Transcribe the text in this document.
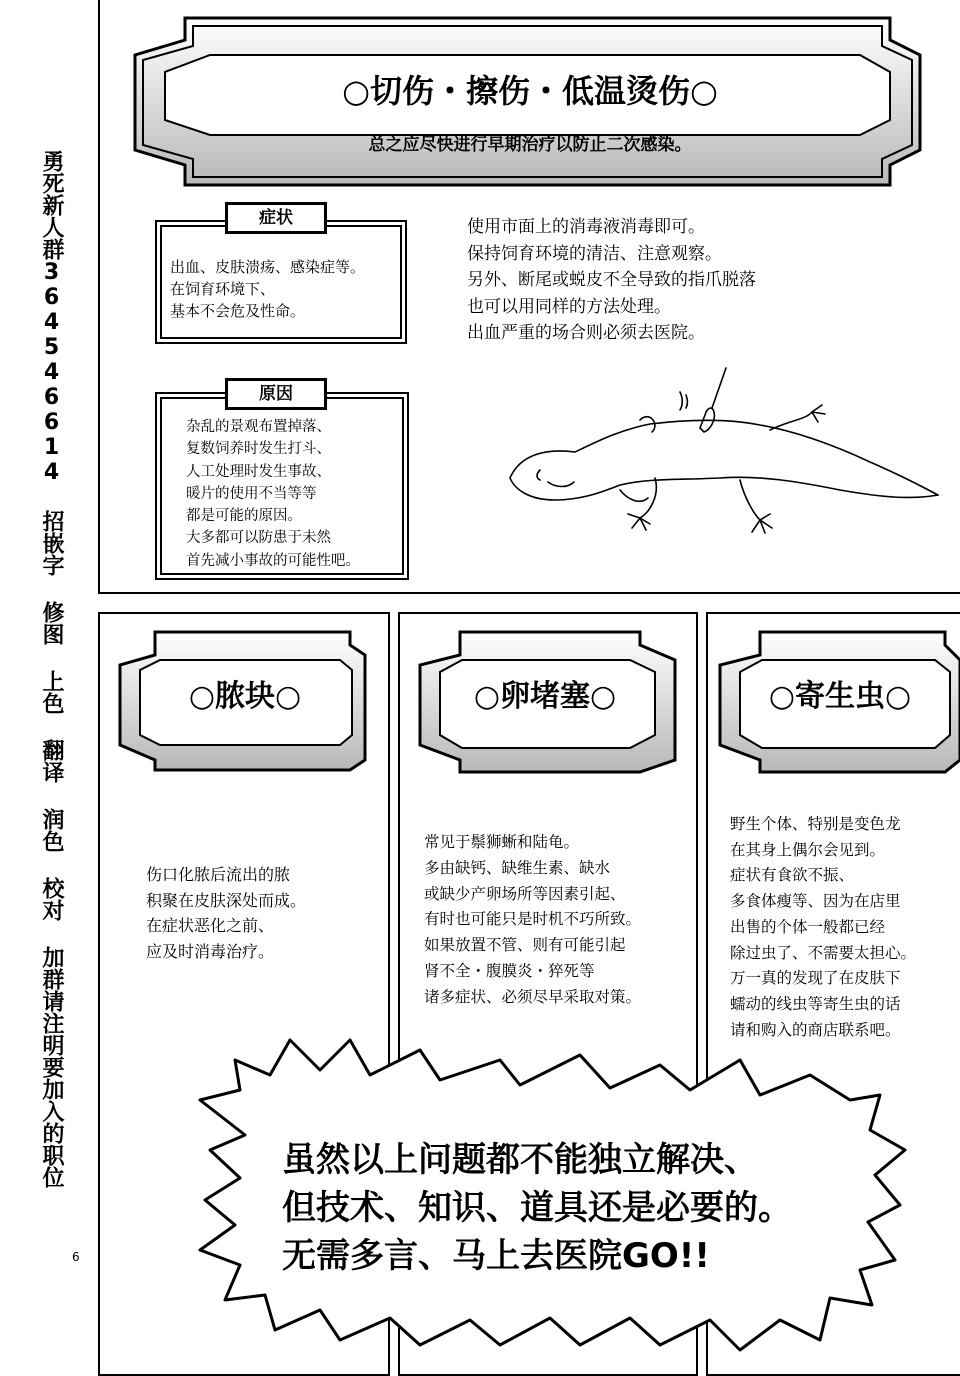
勇死新人群364546614 招嵌字 修图 上色 翻译 润色 校对 加群请注明要加入的职位
6
○切伤・擦伤・低温烫伤○
总之应尽快进行早期治疗以防止二次感染。
症状
出血、皮肤溃疡、感染症等。
在饲育环境下、
基本不会危及性命。
原因
杂乱的景观布置掉落、
复数饲养时发生打斗、
人工处理时发生事故、
暖片的使用不当等等
都是可能的原因。
大多都可以防患于未然
首先减小事故的可能性吧。
使用市面上的消毒液消毒即可。
保持饲育环境的清洁、注意观察。
另外、断尾或蜕皮不全导致的指爪脱落
也可以用同样的方法处理。
出血严重的场合则必须去医院。
○脓块○	○卵堵塞○	○寄生虫○
伤口化脓后流出的脓
积聚在皮肤深处而成。
在症状恶化之前、
应及时消毒治疗。
常见于鬃狮蜥和陆龟。
多由缺钙、缺维生素、缺水
或缺少产卵场所等因素引起、
有时也可能只是时机不巧所致。
如果放置不管、则有可能引起
肾不全・腹膜炎・猝死等
诸多症状、必须尽早采取对策。
野生个体、特别是变色龙
在其身上偶尔会见到。
症状有食欲不振、
多食体瘦等、因为在店里
出售的个体一般都已经
除过虫了、不需要太担心。
万一真的发现了在皮肤下
蠕动的线虫等寄生虫的话
请和购入的商店联系吧。
虽然以上问题都不能独立解决、
但技术、知识、道具还是必要的。
无需多言、马上去医院GO!!
